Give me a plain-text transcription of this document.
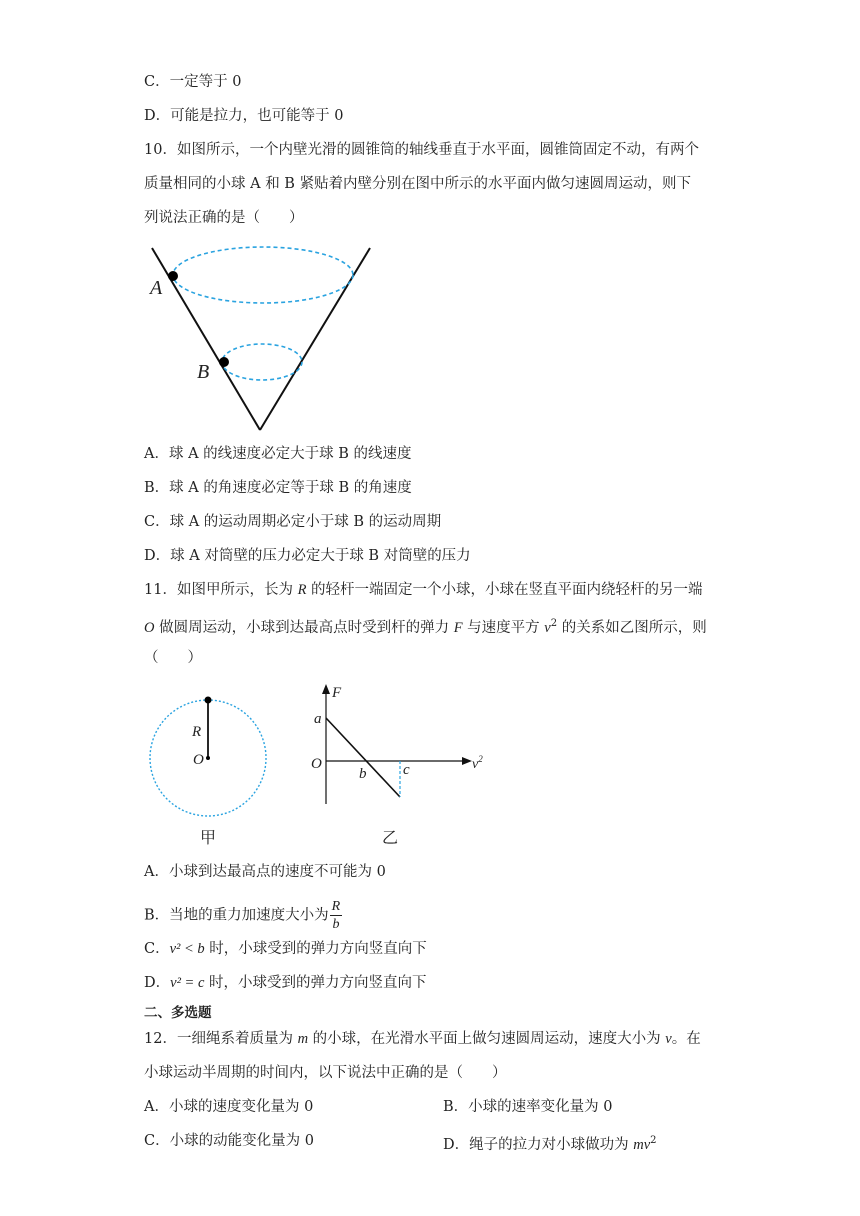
C．一定等于 0
D．可能是拉力，也可能等于 0
10．如图所示，一个内壁光滑的圆锥筒的轴线垂直于水平面，圆锥筒固定不动，有两个
质量相同的小球 A 和 B 紧贴着内壁分别在图中所示的水平面内做匀速圆周运动，则下
列说法正确的是（　　）
A
B
A．球 A 的线速度必定大于球 B 的线速度
B．球 A 的角速度必定等于球 B 的角速度
C．球 A 的运动周期必定小于球 B 的运动周期
D．球 A 对筒壁的压力必定大于球 B 对筒壁的压力
11．如图甲所示，长为 R 的轻杆一端固定一个小球，小球在竖直平面内绕轻杆的另一端
O 做圆周运动，小球到达最高点时受到杆的弹力 F 与速度平方 $v^2$ 的关系如乙图所示，则
（　　）
R
O
甲
F
a
O
b c	$v^2$
乙
A．小球到达最高点的速度不可能为 0
B．当地的重力加速度大小为 $\frac{R}{b}$
C．v² < b 时，小球受到的弹力方向竖直向下
D．v² = c 时，小球受到的弹力方向竖直向下
二、多选题
12．一细绳系着质量为 m 的小球，在光滑水平面上做匀速圆周运动，速度大小为 v。在
小球运动半周期的时间内，以下说法中正确的是（　　）
A．小球的速度变化量为 0	B．小球的速率变化量为 0
C．小球的动能变化量为 0	D．绳子的拉力对小球做功为 $mv^2$
